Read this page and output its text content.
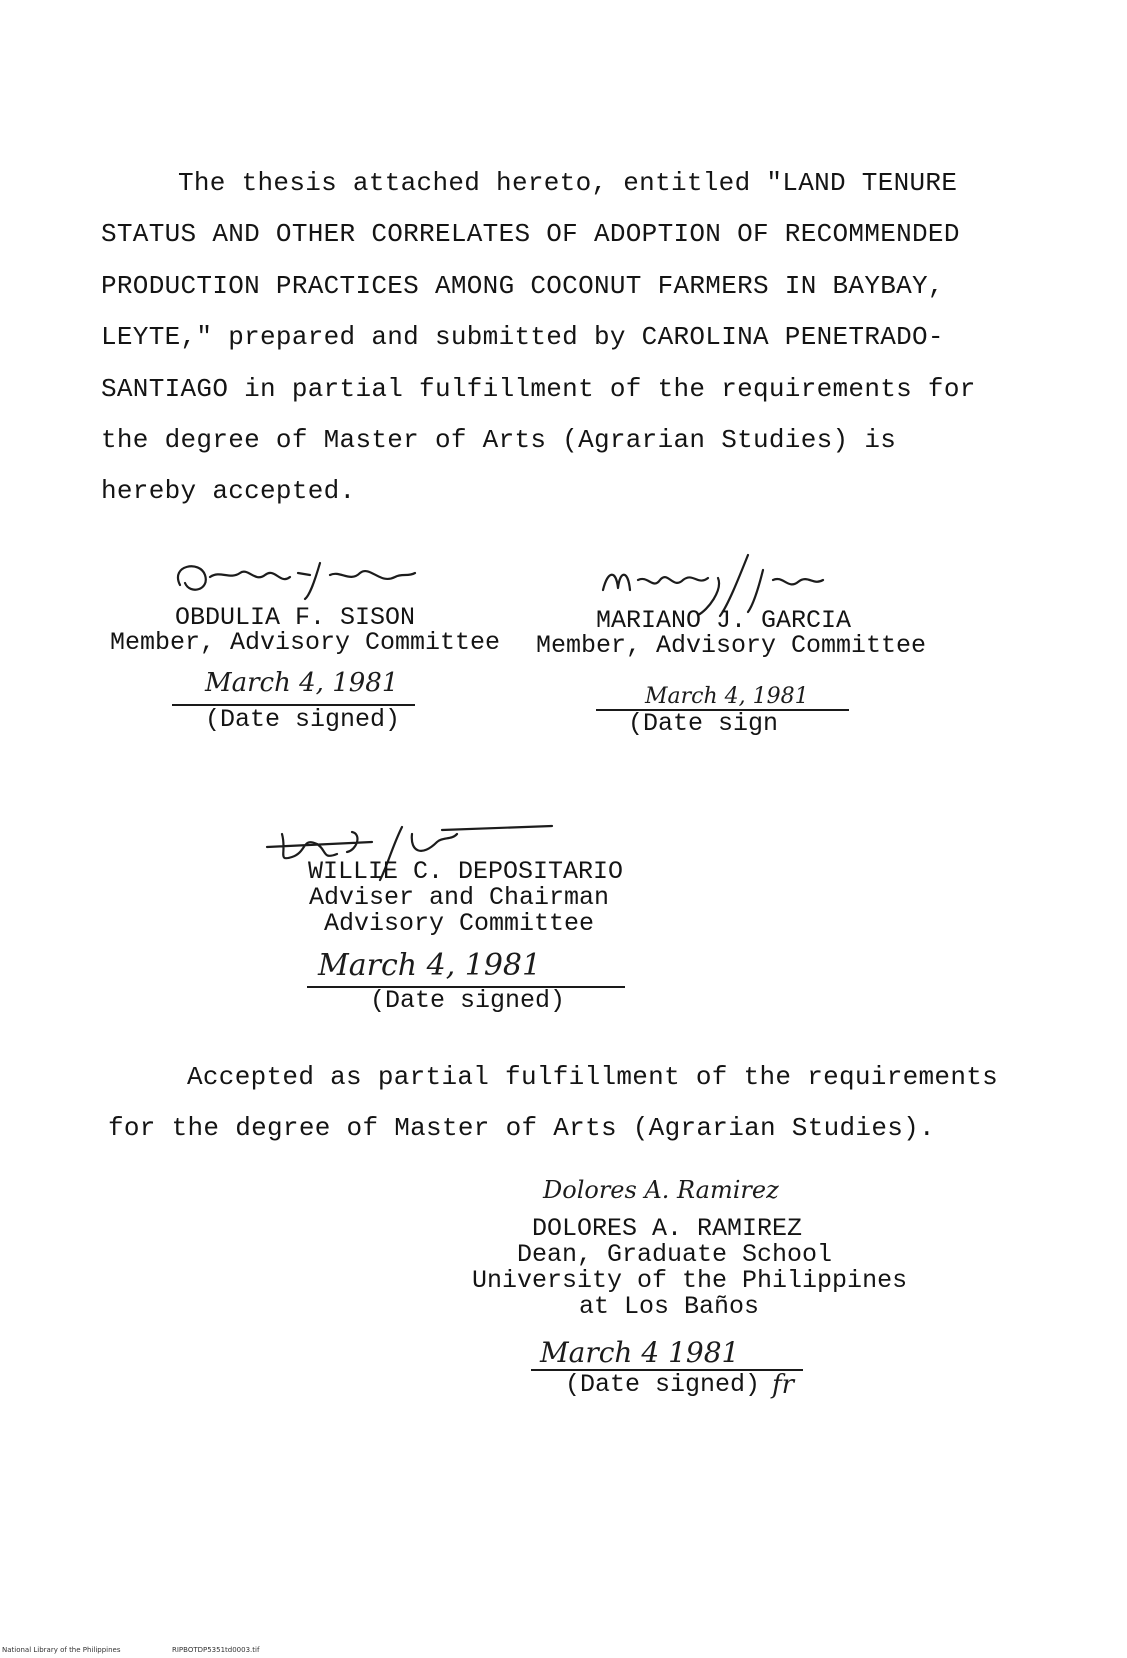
The thesis attached hereto, entitled "LAND TENURE
STATUS AND OTHER CORRELATES OF ADOPTION OF RECOMMENDED
PRODUCTION PRACTICES AMONG COCONUT FARMERS IN BAYBAY,
LEYTE," prepared and submitted by CAROLINA PENETRADO-
SANTIAGO in partial fulfillment of the requirements for
the degree of Master of Arts (Agrarian Studies) is
hereby accepted.
OBDULIA F. SISON
Member, Advisory Committee
March 4, 1981
(Date signed)
MARIANO J. GARCIA
Member, Advisory Committee
March 4, 1981
(Date sign
WILLIE C. DEPOSITARIO
Adviser and Chairman
Advisory Committee
March 4, 1981
(Date signed)
Accepted as partial fulfillment of the requirements
for the degree of Master of Arts (Agrarian Studies).
Dolores A. Ramirez
DOLORES A. RAMIREZ
Dean, Graduate School
University of the Philippines
at Los Baños
March 4 1981
(Date signed) fr
National Library of the Philippines	RIPBOTDP5351td0003.tif
